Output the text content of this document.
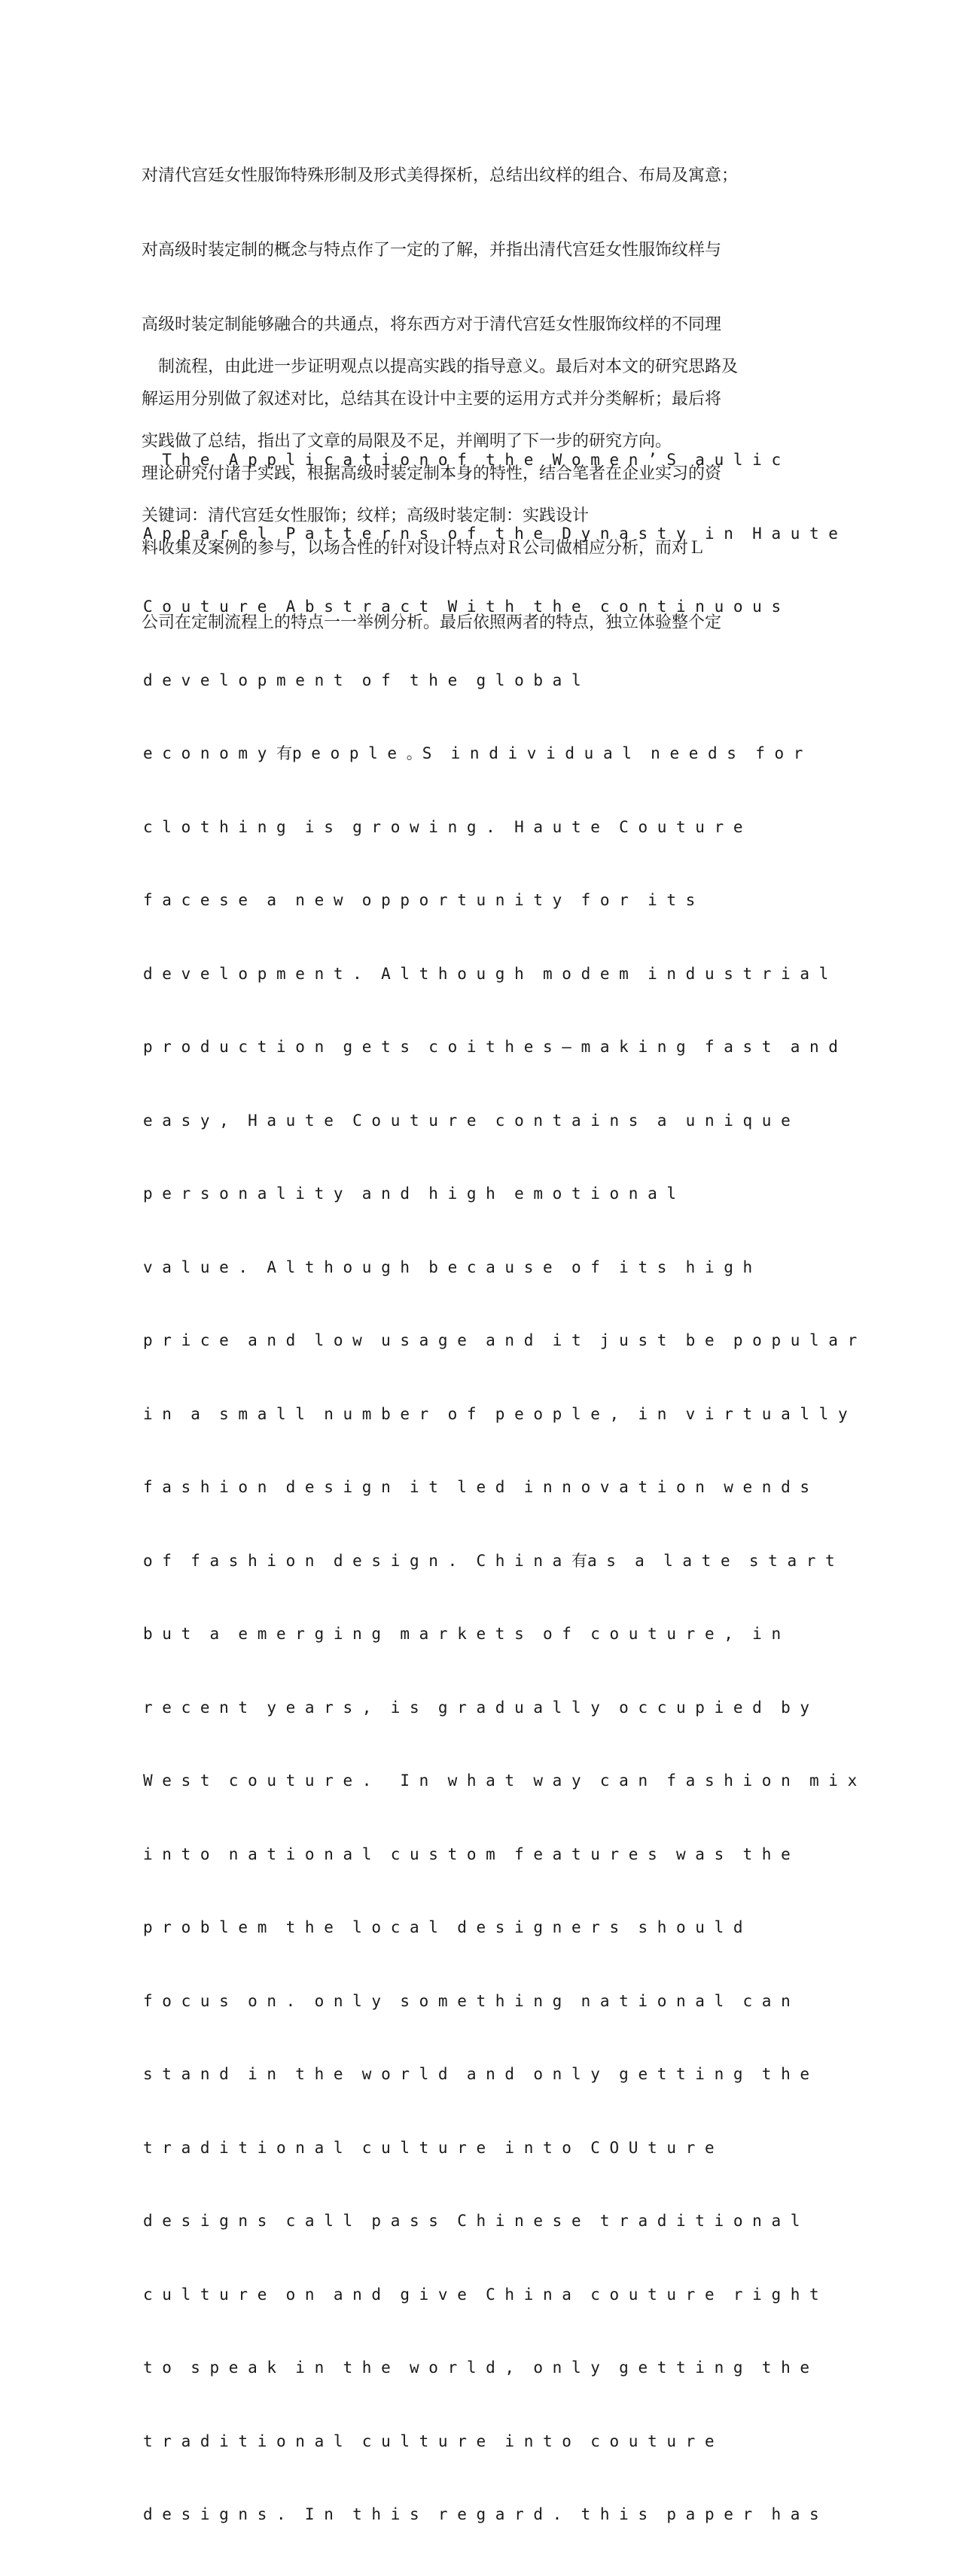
对清代宫廷女性服饰特殊形制及形式美得探析，总结出纹样的组合、布局及寓意；

对高级时装定制的概念与特点作了一定的了解，并指出清代宫廷女性服饰纹样与

高级时装定制能够融合的共通点，将东西方对于清代宫廷女性服饰纹样的不同理

解运用分别做了叙述对比，总结其在设计中主要的运用方式并分类解析；最后将

理论研究付诸于实践，根据高级时装定制本身的特性，结合笔者在企业实习的资

料收集及案例的参与，以场合性的针对设计特点对Ｒ公司做相应分析，而对Ｌ

公司在定制流程上的特点一一举例分析。最后依照两者的特点，独立体验整个定

　制流程，由此进一步证明观点以提高实践的指导意义。最后对本文的研究思路及

实践做了总结，指出了文章的局限及不足，并阐明了下一步的研究方向。

关键词：清代宫廷女性服饰；纹样；高级时装定制：实践设计

T h e  A p p l i c a t i o n o f  t h e  W o m e n ’ S  a u l i c

A p p a r e l  P a t t e r n s  o f  t h e  D y n a s t y  i n  H a u t e

C o u t u r e  A b s t r a c t  W i t h  t h e  c o n t i n u o u s

d e v e l o p m e n t  o f  t h e  g l o b a l

e c o n o m y 有p e o p l e 。S  i n d i v i d u a l  n e e d s  f o r

c l o t h i n g  i s  g r o w i n g .  H a u t e  C o u t u r e

f a c e s e  a  n e w  o p p o r t u n i t y  f o r  i t s

d e v e l o p m e n t .  A l t h o u g h  m o d e m  i n d u s t r i a l

p r o d u c t i o n  g e t s  c o i t h e s — m a k i n g  f a s t  a n d

e a s y ,  H a u t e  C o u t u r e  c o n t a i n s  a  u n i q u e

p e r s o n a l i t y  a n d  h i g h  e m o t i o n a l

v a l u e .  A l t h o u g h  b e c a u s e  o f  i t s  h i g h

p r i c e  a n d  l o w  u s a g e  a n d  i t  j u s t  b e  p o p u l a r

i n  a  s m a l l  n u m b e r  o f  p e o p l e ,  i n  v i r t u a l l y

f a s h i o n  d e s i g n  i t  l e d  i n n o v a t i o n  w e n d s

o f  f a s h i o n  d e s i g n .  C h i n a 有a s  a  l a t e  s t a r t

b u t  a  e m e r g i n g  m a r k e t s  o f  c o u t u r e ,  i n

r e c e n t  y e a r s ,  i s  g r a d u a l l y  o c c u p i e d  b y

W e s t  c o u t u r e .   I n  w h a t  w a y  c a n  f a s h i o n  m i x

i n t o  n a t i o n a l  c u s t o m  f e a t u r e s  w a s  t h e

p r o b l e m  t h e  l o c a l  d e s i g n e r s  s h o u l d

f o c u s  o n .  o n l y  s o m e t h i n g  n a t i o n a l  c a n

s t a n d  i n  t h e  w o r l d  a n d  o n l y  g e t t i n g  t h e

t r a d i t i o n a l  c u l t u r e  i n t o  C O U t u r e

d e s i g n s  c a l l  p a s s  C h i n e s e  t r a d i t i o n a l

c u l t u r e  o n  a n d  g i v e  C h i n a  c o u t u r e  r i g h t

t o  s p e a k  i n  t h e  w o r l d ,  o n l y  g e t t i n g  t h e

t r a d i t i o n a l  c u l t u r e  i n t o  c o u t u r e

d e s i g n s .  I n  t h i s  r e g a r d .  t h i s  p a p e r  h a s
